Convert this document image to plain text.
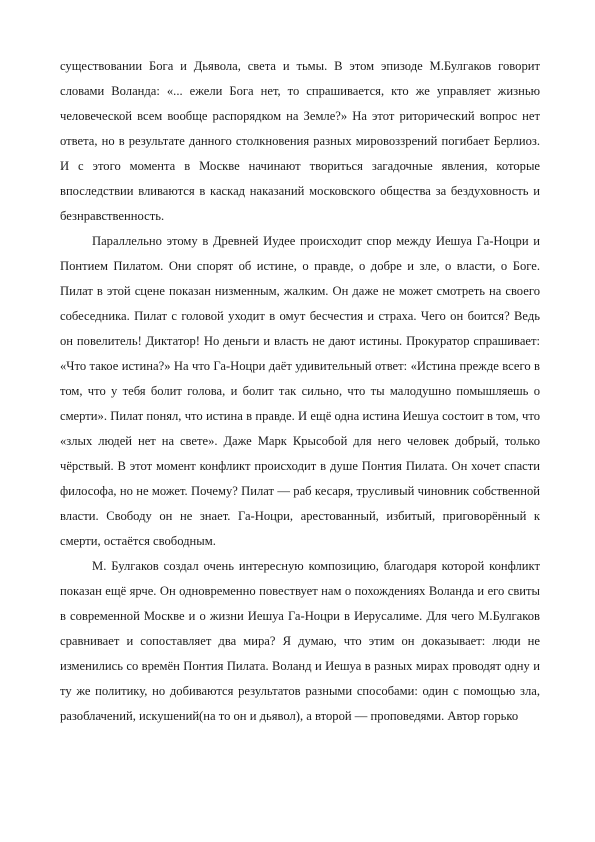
существовании Бога и Дьявола, света и тьмы. В этом эпизоде М.Булгаков говорит словами Воланда: «... ежели Бога нет, то спрашивается, кто же управляет жизнью человеческой всем вообще распорядком на Земле?» На этот риторический вопрос нет ответа, но в результате данного столкновения разных мировоззрений погибает Берлиоз. И с этого момента в Москве начинают твориться загадочные явления, которые впоследствии вливаются в каскад наказаний московского общества за бездуховность и безнравственность.

Параллельно этому в Древней Иудее происходит спор между Иешуа Га-Ноцри и Понтием Пилатом. Они спорят об истине, о правде, о добре и зле, о власти, о Боге. Пилат в этой сцене показан низменным, жалким. Он даже не может смотреть на своего собеседника. Пилат с головой уходит в омут бесчестия и страха. Чего он боится? Ведь он повелитель! Диктатор! Но деньги и власть не дают истины. Прокуратор спрашивает: «Что такое истина?» На что Га-Ноцри даёт удивительный ответ: «Истина прежде всего в том, что у тебя болит голова, и болит так сильно, что ты малодушно помышляешь о смерти». Пилат понял, что истина в правде. И ещё одна истина Иешуа состоит в том, что «злых людей нет на свете». Даже Марк Крысобой для него человек добрый, только чёрствый. В этот момент конфликт происходит в душе Понтия Пилата. Он хочет спасти философа, но не может. Почему? Пилат — раб кесаря, трусливый чиновник собственной власти. Свободу он не знает. Га-Ноцри, арестованный, избитый, приговорённый к смерти, остаётся свободным.

М. Булгаков создал очень интересную композицию, благодаря которой конфликт показан ещё ярче. Он одновременно повествует нам о похождениях Воланда и его свиты в современной Москве и о жизни Иешуа Га-Ноцри в Иерусалиме. Для чего М.Булгаков сравнивает и сопоставляет два мира? Я думаю, что этим он доказывает: люди не изменились со времён Понтия Пилата. Воланд и Иешуа в разных мирах проводят одну и ту же политику, но добиваются результатов разными способами: один с помощью зла, разоблачений, искушений(на то он и дьявол), а второй — проповедями. Автор горько
